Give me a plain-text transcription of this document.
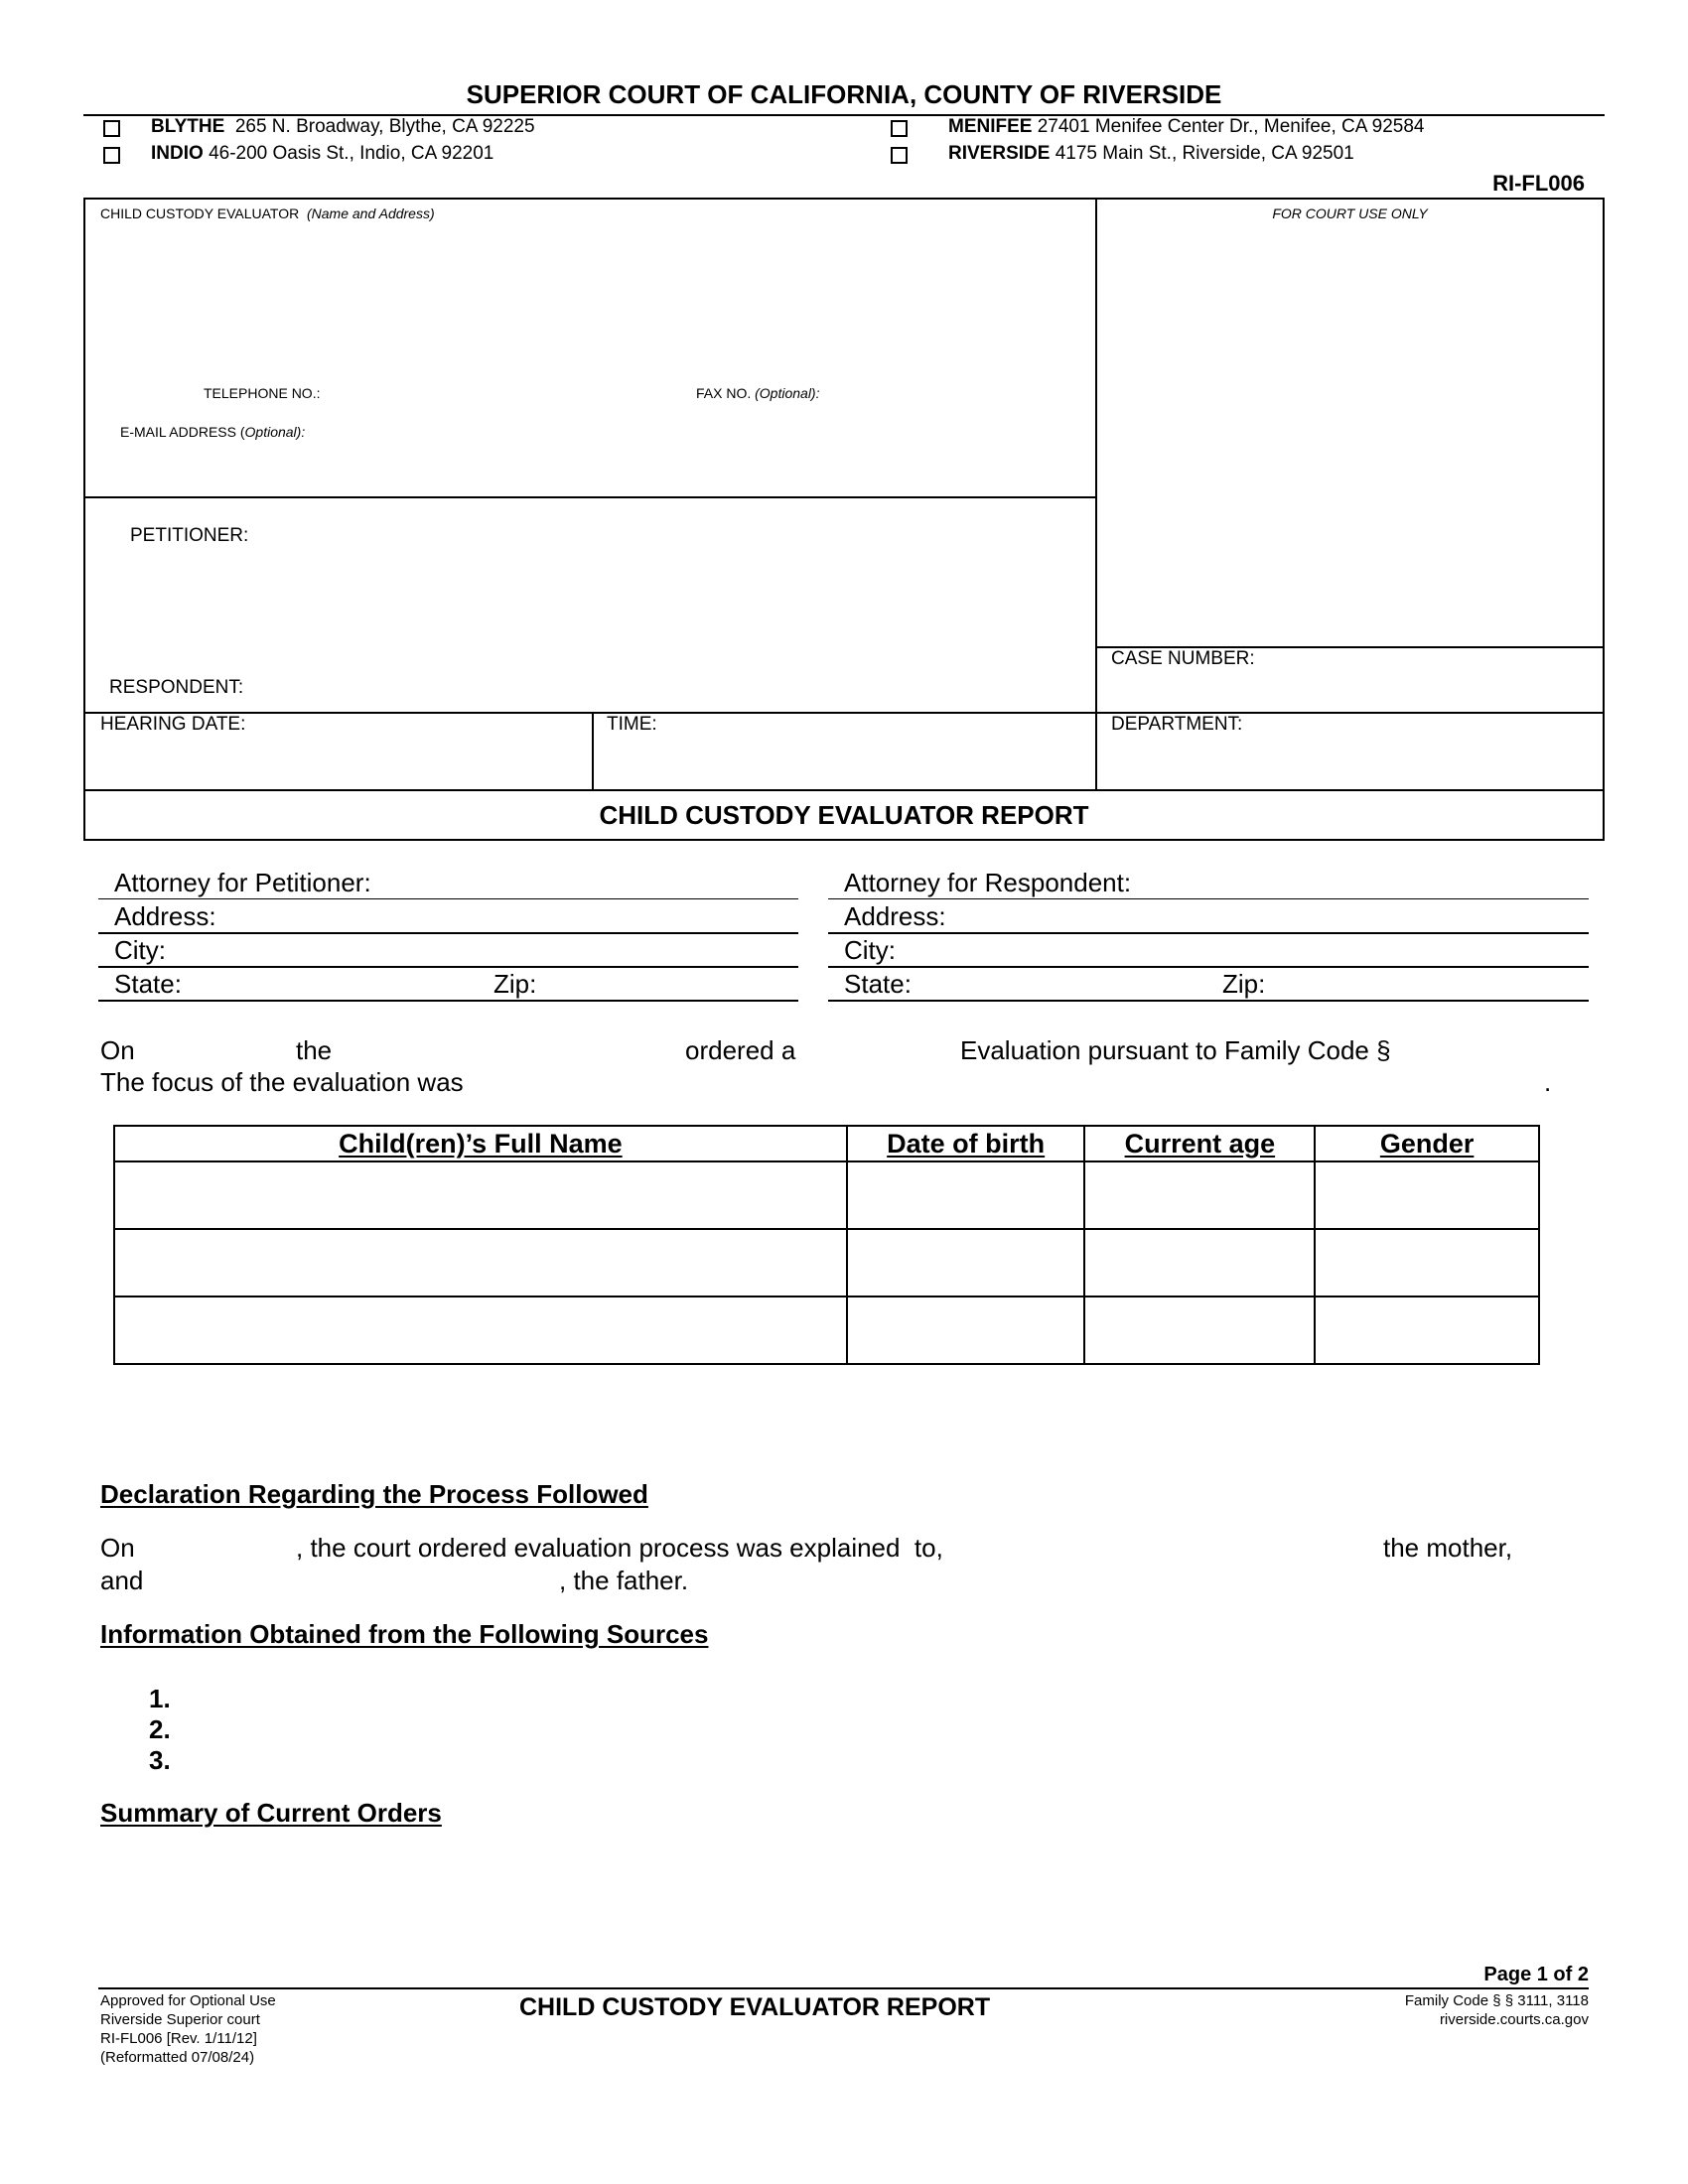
SUPERIOR COURT OF CALIFORNIA, COUNTY OF RIVERSIDE
BLYTHE 265 N. Broadway, Blythe, CA 92225
INDIO 46-200 Oasis St., Indio, CA 92201
MENIFEE 27401 Menifee Center Dr., Menifee, CA 92584
RIVERSIDE 4175 Main St., Riverside, CA 92501
RI-FL006
CHILD CUSTODY EVALUATOR (Name and Address)	FOR COURT USE ONLY
TELEPHONE NO.:	FAX NO. (Optional):
E-MAIL ADDRESS (Optional):
PETITIONER:
RESPONDENT:
CASE NUMBER:
HEARING DATE:	TIME:	DEPARTMENT:
CHILD CUSTODY EVALUATOR REPORT
Attorney for Petitioner:
Address:
City:
State:	Zip:
Attorney for Respondent:
Address:
City:
State:	Zip:
On	the	ordered a	Evaluation pursuant to Family Code §
The focus of the evaluation was	.
Child(ren)’s Full Name	Date of birth	Current age	Gender

Declaration Regarding the Process Followed
On	, the court ordered evaluation process was explained  to,	the mother,
and	, the father.
Information Obtained from the Following Sources
1.
2.
3.
Summary of Current Orders
Page 1 of 2
Approved for Optional Use
Riverside Superior court
RI-FL006 [Rev. 1/11/12]
(Reformatted 07/08/24)
CHILD CUSTODY EVALUATOR REPORT	Family Code § § 3111, 3118
riverside.courts.ca.gov
